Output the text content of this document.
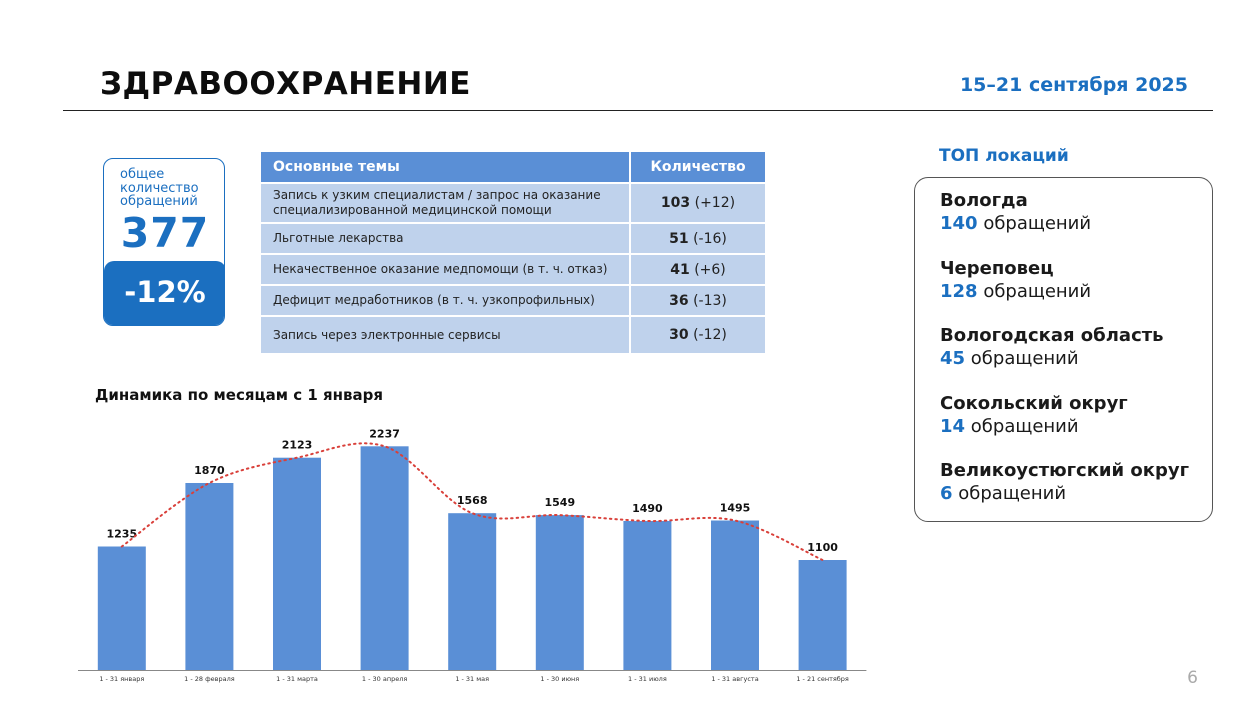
ЗДРАВООХРАНЕНИЕ	15–21 сентября 2025
общее количество обращений
377
-12%
Основные темы	Количество
Запись к узким специалистам / запрос на оказание специализированной медицинской помощи	103 (+12)
Льготные лекарства	51 (-16)
Некачественное оказание медпомощи (в т. ч. отказ)	41 (+6)
Дефицит медработников (в т. ч. узкопрофильных)	36 (-13)
Запись через электронные сервисы	30 (-12)
ТОП локаций
Вологда
140 обращений
Череповец
128 обращений
Вологодская область
45 обращений
Сокольский округ
14 обращений
Великоустюгский округ
6 обращений
Динамика по месяцам с 1 января
1235
1 - 31 января
1870
1 - 28 февраля
2123
1 - 31 марта
2237
1 - 30 апреля
1568
1 - 31 мая
1549
1 - 30 июня
1490
1 - 31 июля
1495
1 - 31 августа
1100
1 - 21 сентября	6
